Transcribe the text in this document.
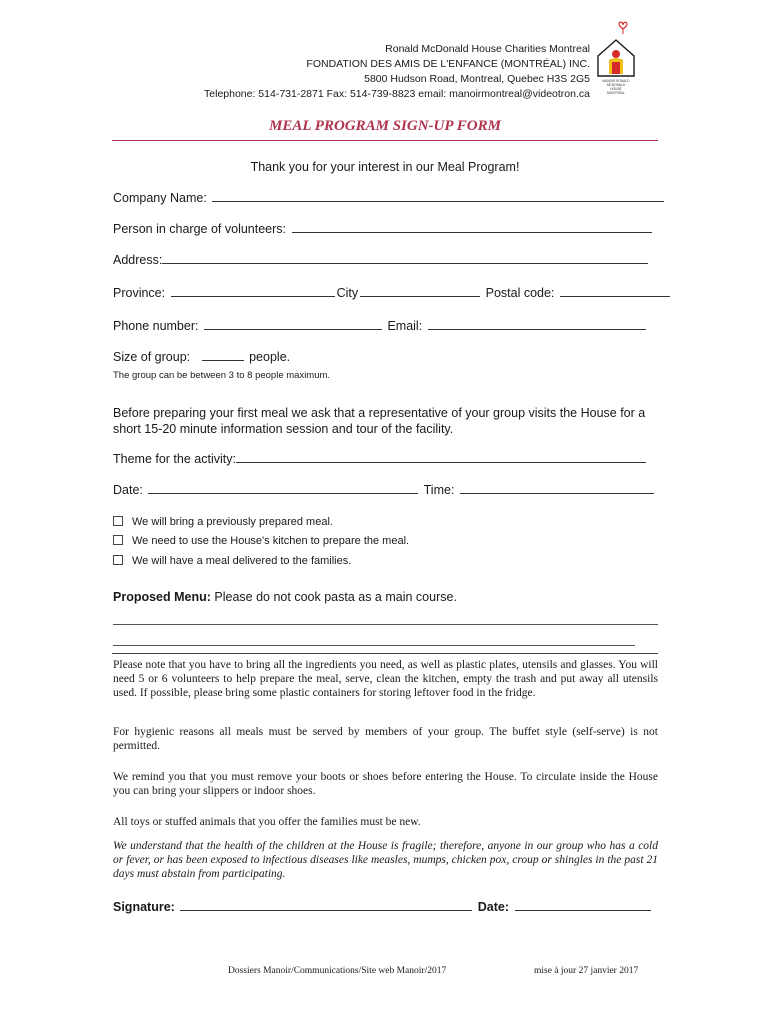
Ronald McDonald House Charities Montreal
FONDATION DES AMIS DE L'ENFANCE (MONTRÉAL) INC.
5800 Hudson Road, Montreal, Quebec H3S 2G5
Telephone: 514-731-2871 Fax: 514-739-8823 email: manoirmontreal@videotron.ca
MANOIR RONALD
MCDONALD
HOUSE
MONTRÉAL
MEAL PROGRAM SIGN-UP FORM
Thank you for your interest in our Meal Program!
Company Name:
Person in charge of volunteers:
Address:
Province:	City	Postal code:
Phone number:	Email:
Size of group:	people.
The group can be between 3 to 8 people maximum.
Before preparing your first meal we ask that a representative of your group visits the House for a short 15-20 minute information session and tour of the facility.
Theme for the activity:
Date:	Time:
We will bring a previously prepared meal.
We need to use the House's kitchen to prepare the meal.
We will have a meal delivered to the families.
Proposed Menu: Please do not cook pasta as a main course.
Please note that you have to bring all the ingredients you need, as well as plastic plates, utensils and glasses. You will need 5 or 6 volunteers to help prepare the meal, serve, clean the kitchen, empty the trash and put away all utensils used. If possible, please bring some plastic containers for storing leftover food in the fridge.
For hygienic reasons all meals must be served by members of your group. The buffet style (self-serve) is not permitted.
We remind you that you must remove your boots or shoes before entering the House. To circulate inside the House you can bring your slippers or indoor shoes.
All toys or stuffed animals that you offer the families must be new.
We understand that the health of the children at the House is fragile; therefore, anyone in our group who has a cold or fever, or has been exposed to infectious diseases like measles, mumps, chicken pox, croup or shingles in the past 21 days must abstain from participating.
Signature:	Date:
Dossiers Manoir/Communications/Site web Manoir/2017	mise à jour 27 janvier 2017
